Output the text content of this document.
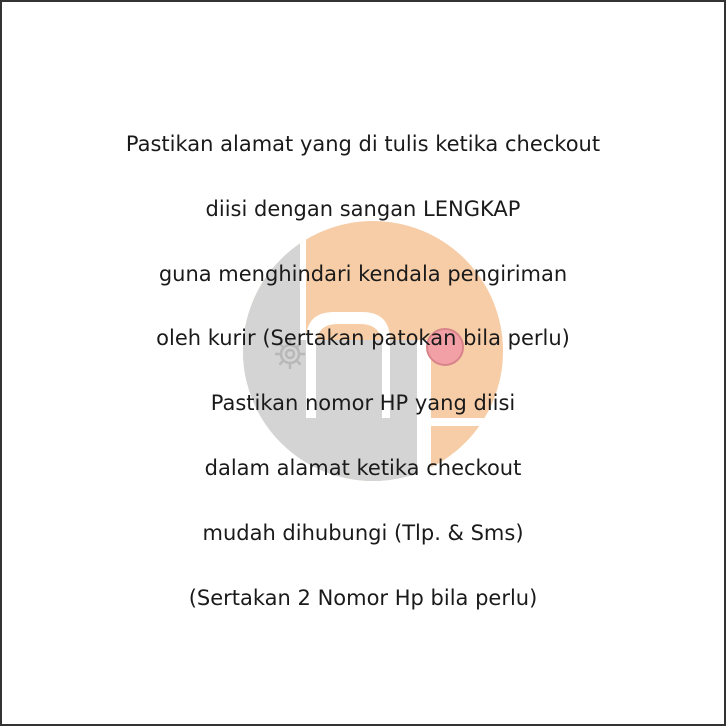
Pastikan alamat yang di tulis ketika checkout
diisi dengan sangan LENGKAP
guna menghindari kendala pengiriman
oleh kurir (Sertakan patokan bila perlu)
Pastikan nomor HP yang diisi
dalam alamat ketika checkout
mudah dihubungi (Tlp. & Sms)
(Sertakan 2 Nomor Hp bila perlu)
